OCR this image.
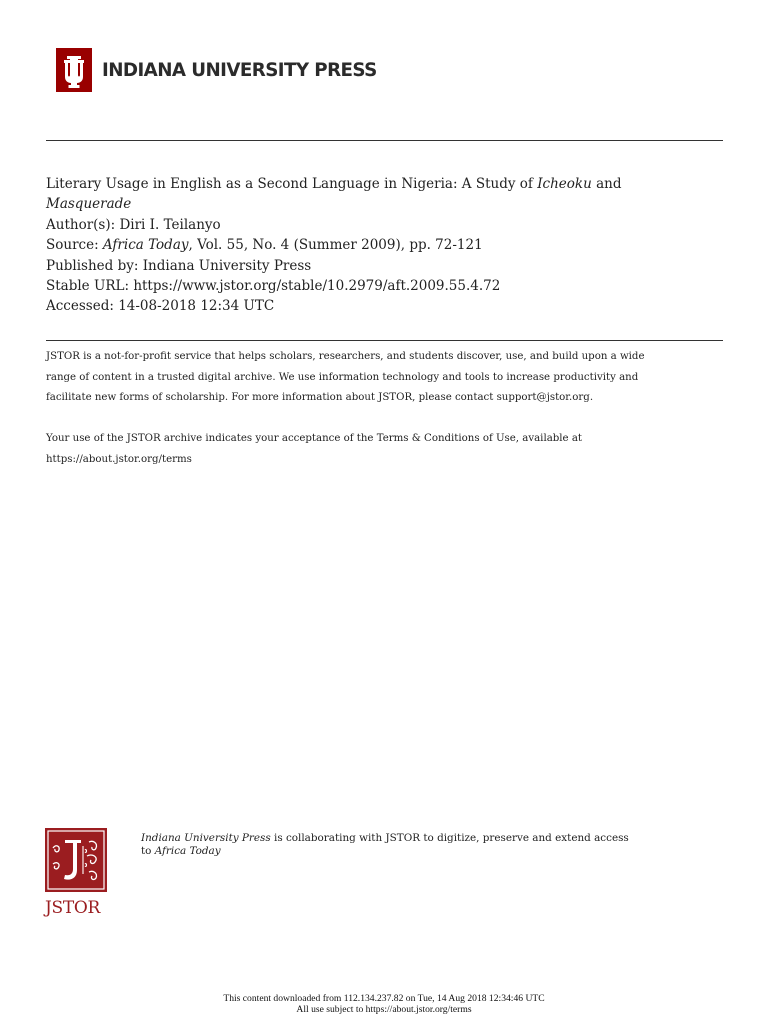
INDIANA UNIVERSITY PRESS
Literary Usage in English as a Second Language in Nigeria: A Study of Icheoku and
Masquerade
Author(s): Diri I. Teilanyo
Source: Africa Today, Vol. 55, No. 4 (Summer 2009), pp. 72-121
Published by: Indiana University Press
Stable URL: https://www.jstor.org/stable/10.2979/aft.2009.55.4.72
Accessed: 14-08-2018 12:34 UTC

JSTOR is a not-for-profit service that helps scholars, researchers, and students discover, use, and build upon a wide
range of content in a trusted digital archive. We use information technology and tools to increase productivity and
facilitate new forms of scholarship. For more information about JSTOR, please contact support@jstor.org.

Your use of the JSTOR archive indicates your acceptance of the Terms & Conditions of Use, available at
https://about.jstor.org/terms

JSTOR
Indiana University Press is collaborating with JSTOR to digitize, preserve and extend access
to Africa Today
This content downloaded from 112.134.237.82 on Tue, 14 Aug 2018 12:34:46 UTC
All use subject to https://about.jstor.org/terms
